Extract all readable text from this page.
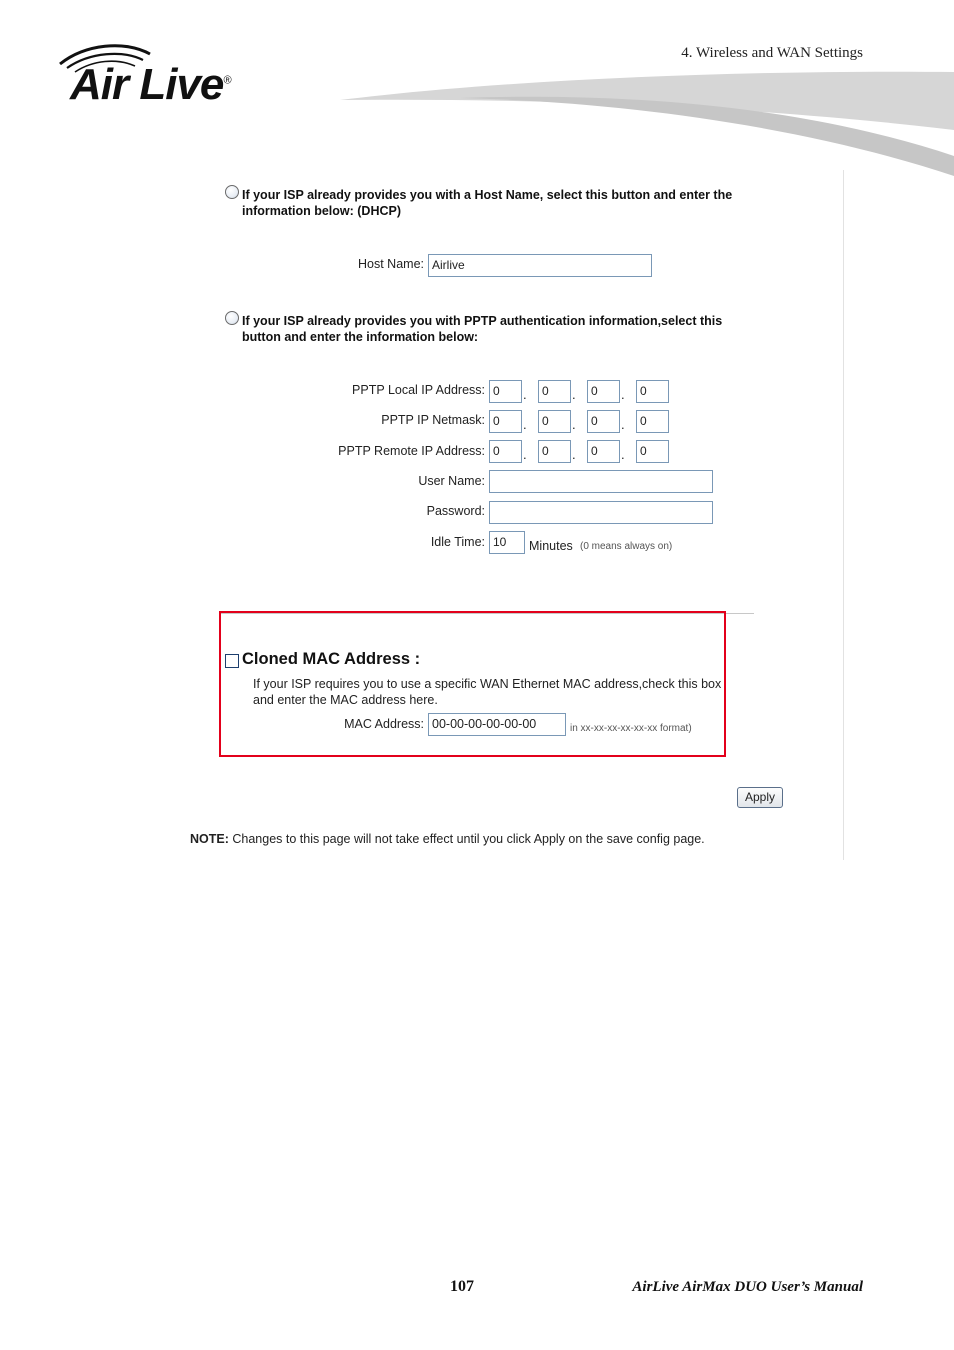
Air Live®
4. Wireless and WAN Settings
If your ISP already provides you with a Host Name, select this button and enter the information below: (DHCP)
Host Name: Airlive
If your ISP already provides you with PPTP authentication information,select this button and enter the information below:
PPTP Local IP Address: 0	.	0	.	0	.	0
PPTP IP Netmask: 0	.	0	.	0	.	0
PPTP Remote IP Address: 0	.	0	.	0	.	0
User Name:
Password:
Idle Time: 10	Minutes (0 means always on)
Cloned MAC Address :
If your ISP requires you to use a specific WAN Ethernet MAC address,check this box and enter the MAC address here.
MAC Address: 00-00-00-00-00-00	in xx-xx-xx-xx-xx-xx format)
Apply
NOTE: Changes to this page will not take effect until you click Apply on the save config page.
107	AirLive AirMax DUO User’s Manual
